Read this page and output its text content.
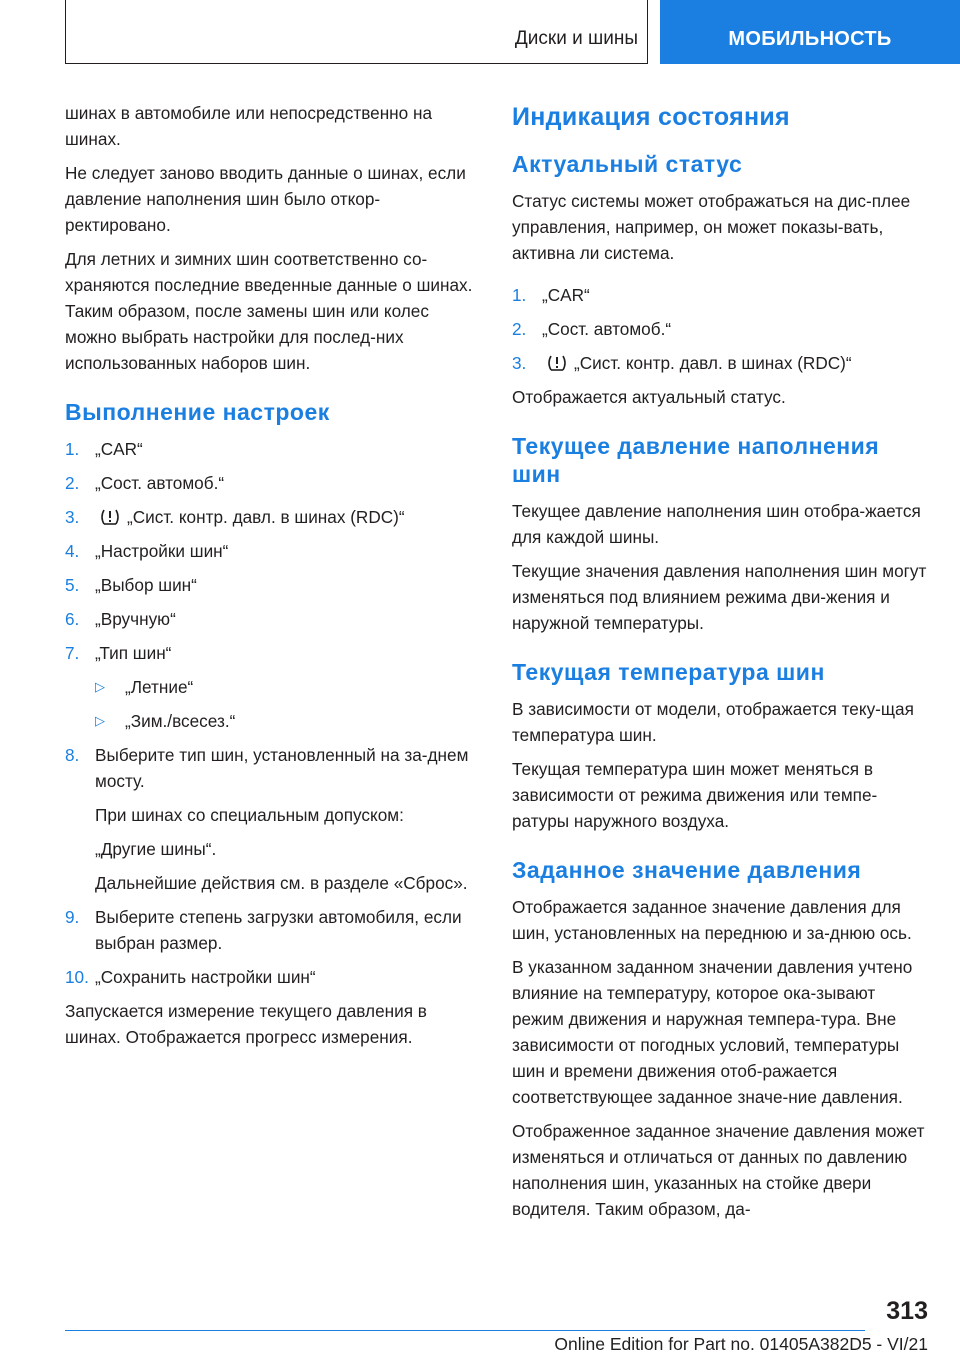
Диски и шины	МОБИЛЬНОСТЬ

шинах в автомобиле или непосредственно на шинах.

Не следует заново вводить данные о шинах, если давление наполнения шин было откор-ректировано.

Для летних и зимних шин соответственно со-храняются последние введенные данные о шинах. Таким образом, после замены шин или колес можно выбрать настройки для послед-них использованных наборов шин.

Выполнение настроек
1. „CAR“
2. „Сост. автомоб.“
3.	„Сист. контр. давл. в шинах (RDC)“
4. „Настройки шин“
5. „Выбор шин“
6. „Вручную“
7. „Тип шин“
▷ „Летние“
▷ „Зим./всесез.“
8. Выберите тип шин, установленный на за-днем мосту.

При шинах со специальным допуском:

„Другие шины“.

Дальнейшие действия см. в разделе «Сброс».

9. Выберите степень загрузки автомобиля, если выбран размер.
10. „Сохранить настройки шин“

Запускается измерение текущего давления в шинах. Отображается прогресс измерения.

Индикация состояния
Актуальный статус

Статус системы может отображаться на дис-плее управления, например, он может показы-вать, активна ли система.

1. „CAR“
2. „Сост. автомоб.“
3.	„Сист. контр. давл. в шинах (RDC)“

Отображается актуальный статус.

Текущее давление наполнения шин

Текущее давление наполнения шин отобра-жается для каждой шины.

Текущие значения давления наполнения шин могут изменяться под влиянием режима дви-жения и наружной температуры.

Текущая температура шин

В зависимости от модели, отображается теку-щая температура шин.

Текущая температура шин может меняться в зависимости от режима движения или темпе-ратуры наружного воздуха.

Заданное значение давления

Отображается заданное значение давления для шин, установленных на переднюю и за-днюю ось.

В указанном заданном значении давления учтено влияние на температуру, которое ока-зывают режим движения и наружная темпера-тура. Вне зависимости от погодных условий, температуры шин и времени движения отоб-ражается соответствующее заданное значе-ние давления.

Отображенное заданное значение давления может изменяться и отличаться от данных по давлению наполнения шин, указанных на стойке двери водителя. Таким образом, да-

313
Online Edition for Part no. 01405A382D5 - VI/21
